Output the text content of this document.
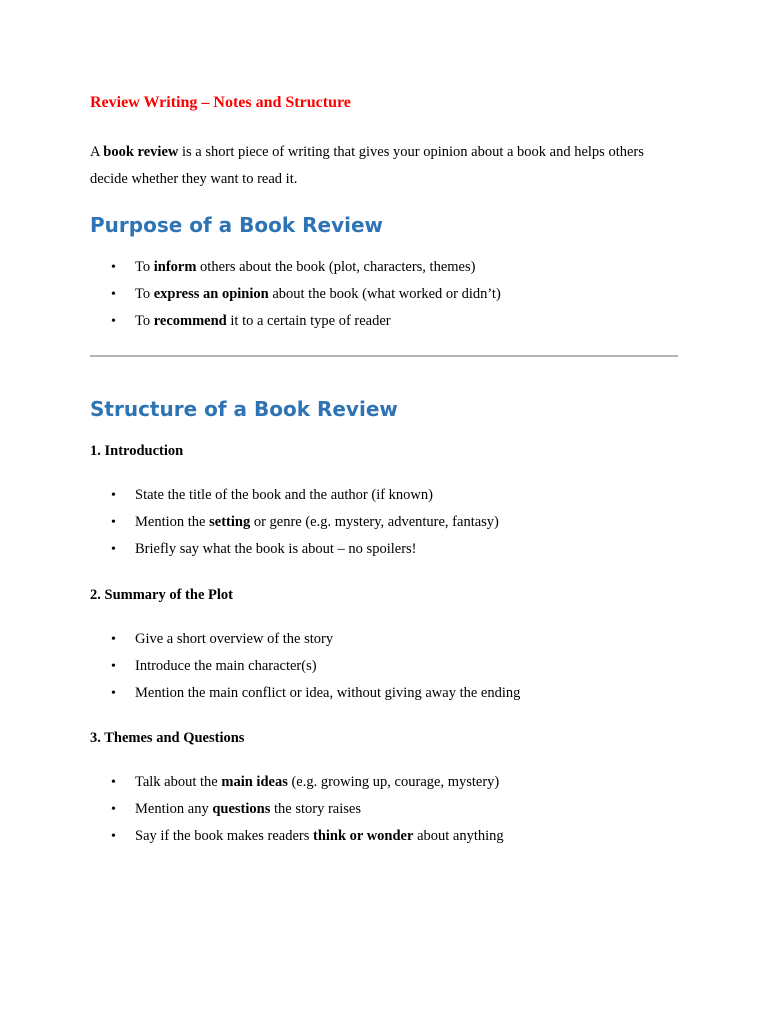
Review Writing – Notes and Structure

A book review is a short piece of writing that gives your opinion about a book and helps others decide whether they want to read it.

Purpose of a Book Review
• To inform others about the book (plot, characters, themes)
• To express an opinion about the book (what worked or didn’t)
• To recommend it to a certain type of reader
Structure of a Book Review
1. Introduction
• State the title of the book and the author (if known)
• Mention the setting or genre (e.g. mystery, adventure, fantasy)
• Briefly say what the book is about – no spoilers!
2. Summary of the Plot
• Give a short overview of the story
• Introduce the main character(s)
• Mention the main conflict or idea, without giving away the ending
3. Themes and Questions
• Talk about the main ideas (e.g. growing up, courage, mystery)
• Mention any questions the story raises
• Say if the book makes readers think or wonder about anything
